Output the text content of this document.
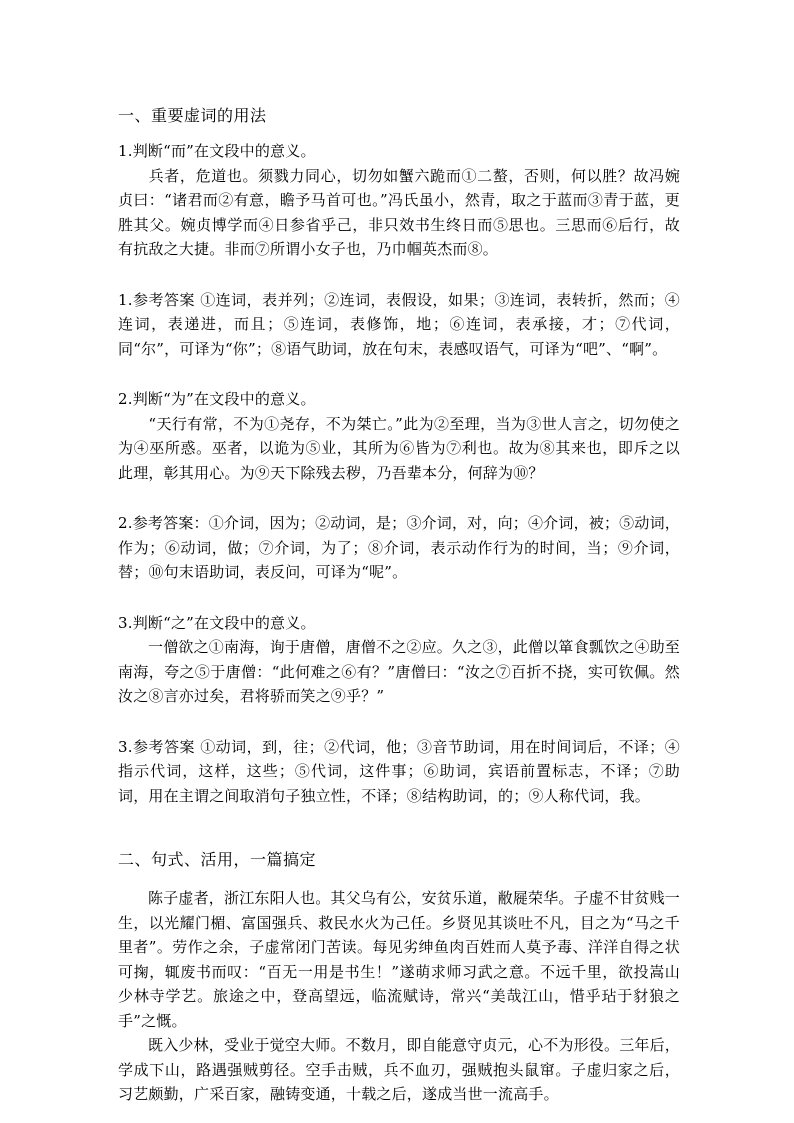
一、重要虚词的用法

1.判断“而”在文段中的意义。

　兵者，危道也。须戮力同心，切勿如蟹六跪而①二螯，否则，何以胜？故冯婉贞曰：“诸君而②有意，瞻予马首可也。”冯氏虽小，然青，取之于蓝而③青于蓝，更胜其父。婉贞博学而④日参省乎己，非只效书生终日而⑤思也。三思而⑥后行，故有抗敌之大捷。非而⑦所谓小女子也，乃巾帼英杰而⑧。

1.参考答案 ①连词，表并列；②连词，表假设，如果；③连词，表转折，然而；④连词，表递进，而且；⑤连词，表修饰，地；⑥连词，表承接，才；⑦代词，同“尔”，可译为“你”；⑧语气助词，放在句末，表感叹语气，可译为“吧”、“啊”。

2.判断“为”在文段中的意义。

　“天行有常，不为①尧存，不为桀亡。”此为②至理，当为③世人言之，切勿使之为④巫所惑。巫者，以诡为⑤业，其所为⑥皆为⑦利也。故为⑧其来也，即斥之以此理，彰其用心。为⑨天下除残去秽，乃吾辈本分，何辞为⑩？

2.参考答案：①介词，因为；②动词，是；③介词，对，向；④介词，被；⑤动词，作为；⑥动词，做；⑦介词，为了；⑧介词，表示动作行为的时间，当；⑨介词，替；⑩句末语助词，表反问，可译为“呢”。

3.判断“之”在文段中的意义。

一僧欲之①南海，询于唐僧，唐僧不之②应。久之③，此僧以箪食瓢饮之④助至南海，夸之⑤于唐僧：“此何难之⑥有？”唐僧曰：“汝之⑦百折不挠，实可钦佩。然汝之⑧言亦过矣，君将骄而笑之⑨乎？”

3.参考答案 ①动词，到，往；②代词，他；③音节助词，用在时间词后，不译；④指示代词，这样，这些；⑤代词，这件事；⑥助词，宾语前置标志，不译；⑦助词，用在主谓之间取消句子独立性，不译；⑧结构助词，的；⑨人称代词，我。

二、句式、活用，一篇搞定

陈子虚者，浙江东阳人也。其父乌有公，安贫乐道，敝屣荣华。子虚不甘贫贱一生，以光耀门楣、富国强兵、救民水火为己任。乡贤见其谈吐不凡，目之为“马之千里者”。劳作之余，子虚常闭门苦读。每见劣绅鱼肉百姓而人莫予毒、洋洋自得之状可掬，辄废书而叹：“百无一用是书生！”遂萌求师习武之意。不远千里，欲投嵩山少林寺学艺。旅途之中，登高望远，临流赋诗，常兴“美哉江山，惜乎玷于豺狼之手”之慨。

既入少林，受业于觉空大师。不数月，即自能意守贞元，心不为形役。三年后，学成下山，路遇强贼剪径。空手击贼，兵不血刃，强贼抱头鼠窜。子虚归家之后，习艺颇勤，广采百家，融铸变通，十载之后，遂成当世一流高手。
